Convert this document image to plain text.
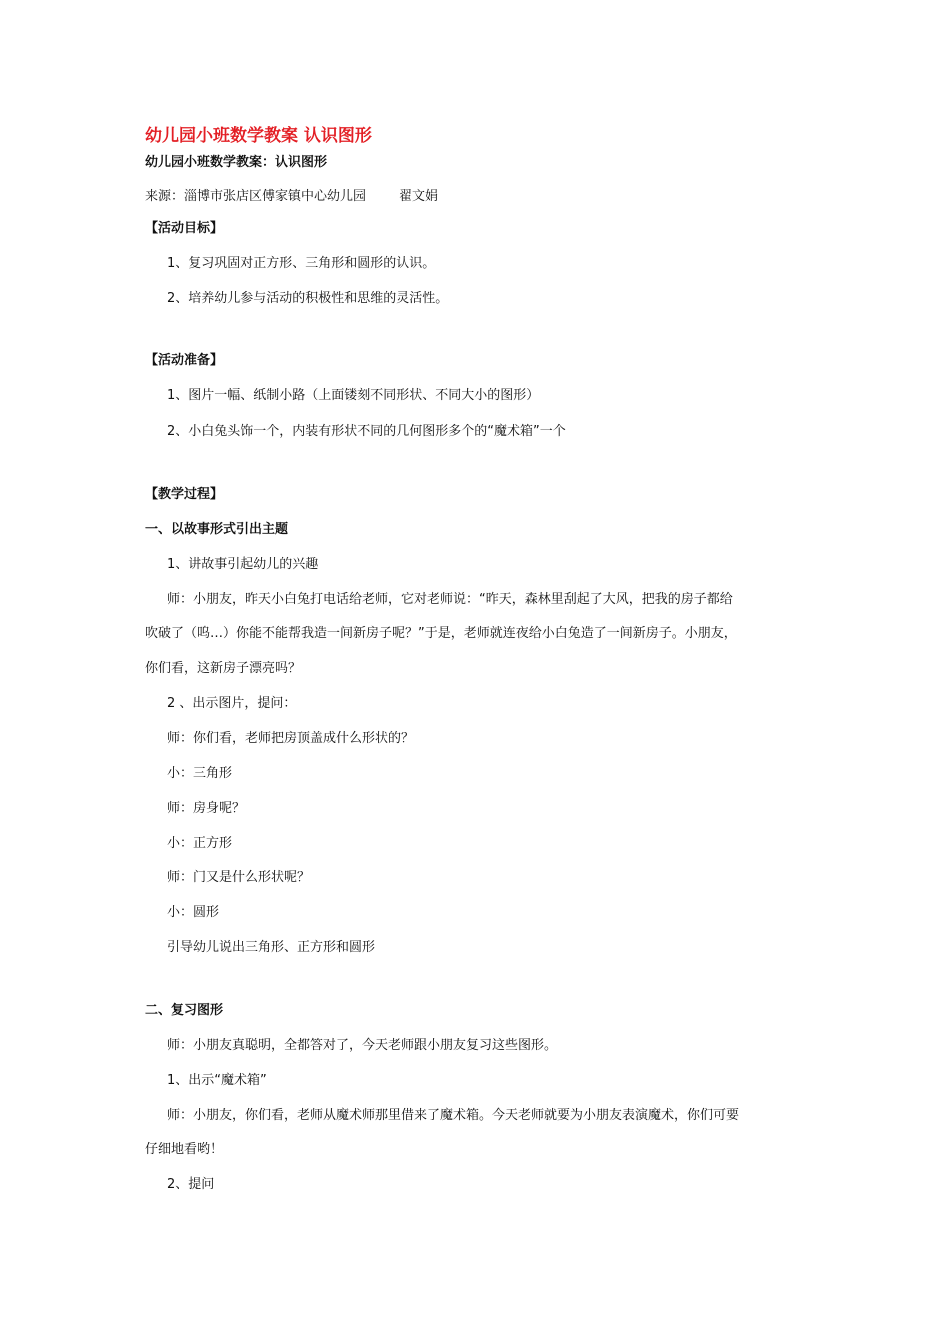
幼儿园小班数学教案 认识图形
幼儿园小班数学教案：认识图形
来源：淄博市张店区傅家镇中心幼儿园        翟文娟
【活动目标】
1、复习巩固对正方形、三角形和圆形的认识。
2、培养幼儿参与活动的积极性和思维的灵活性。
【活动准备】
1、图片一幅、纸制小路（上面镂刻不同形状、不同大小的图形）
2、小白兔头饰一个，内装有形状不同的几何图形多个的“魔术箱”一个
【教学过程】
一、以故事形式引出主题
1、讲故事引起幼儿的兴趣
师：小朋友，昨天小白兔打电话给老师，它对老师说：“昨天，森林里刮起了大风，把我的房子都给
吹破了（呜…）你能不能帮我造一间新房子呢？”于是，老师就连夜给小白兔造了一间新房子。小朋友，
你们看，这新房子漂亮吗？
2 、出示图片，提问：
师：你们看，老师把房顶盖成什么形状的？
小：三角形
师：房身呢？
小：正方形
师：门又是什么形状呢？
小：圆形
引导幼儿说出三角形、正方形和圆形
二、复习图形
师：小朋友真聪明，全都答对了，今天老师跟小朋友复习这些图形。
1、出示“魔术箱”
师：小朋友，你们看，老师从魔术师那里借来了魔术箱。今天老师就要为小朋友表演魔术，你们可要
仔细地看哟！
2、提问
